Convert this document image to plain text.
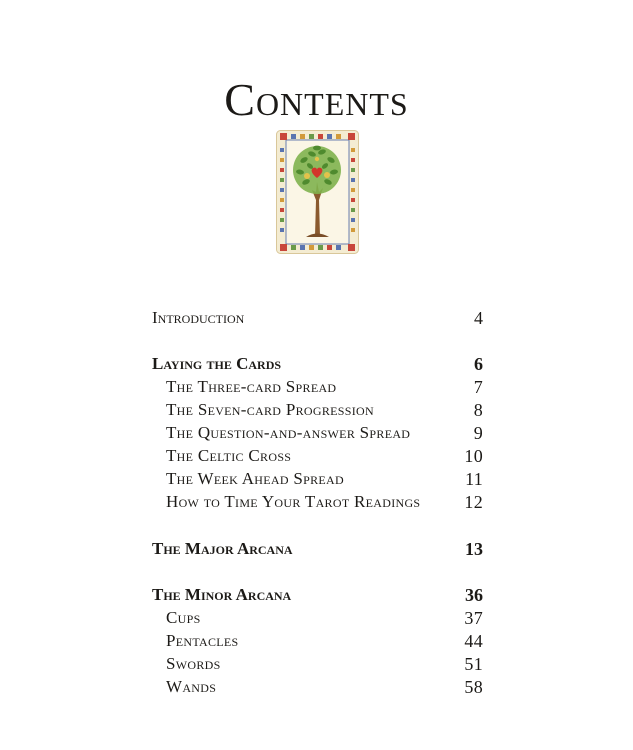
Contents
Introduction	4
Laying the Cards	6
The Three-card Spread	7
The Seven-card Progression	8
The Question-and-answer Spread	9
The Celtic Cross	10
The Week Ahead Spread	11
How to Time Your Tarot Readings 12
The Major Arcana	13
The Minor Arcana	36
Cups	37
Pentacles	44
Swords	51
Wands	58
